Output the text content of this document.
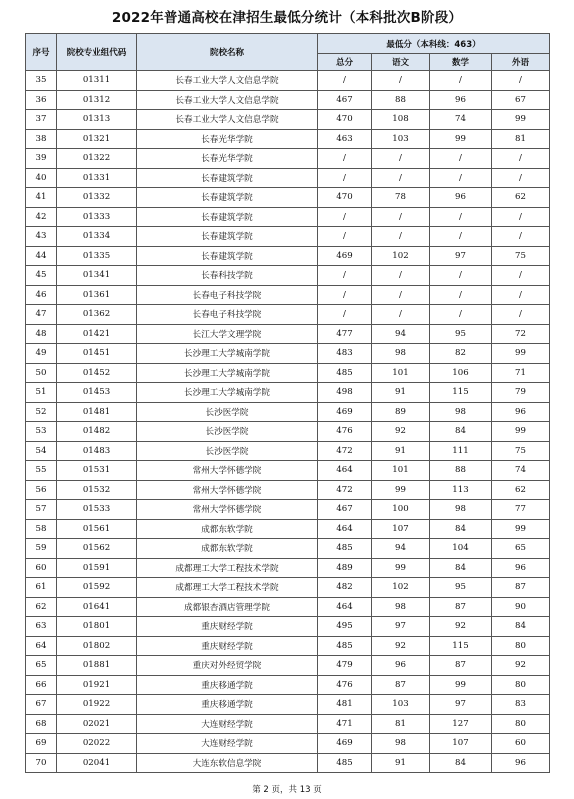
2022年普通高校在津招生最低分统计（本科批次B阶段）
序号	院校专业组代码	院校名称	最低分（本科线：463）			
			总分	语文	数学	外语
35	01311	长春工业大学人文信息学院	/	/	/	/
36	01312	长春工业大学人文信息学院	467	88	96	67
37	01313	长春工业大学人文信息学院	470	108	74	99
38	01321	长春光华学院	463	103	99	81
39	01322	长春光华学院	/	/	/	/
40	01331	长春建筑学院	/	/	/	/
41	01332	长春建筑学院	470	78	96	62
42	01333	长春建筑学院	/	/	/	/
43	01334	长春建筑学院	/	/	/	/
44	01335	长春建筑学院	469	102	97	75
45	01341	长春科技学院	/	/	/	/
46	01361	长春电子科技学院	/	/	/	/
47	01362	长春电子科技学院	/	/	/	/
48	01421	长江大学文理学院	477	94	95	72
49	01451	长沙理工大学城南学院	483	98	82	99
50	01452	长沙理工大学城南学院	485	101	106	71
51	01453	长沙理工大学城南学院	498	91	115	79
52	01481	长沙医学院	469	89	98	96
53	01482	长沙医学院	476	92	84	99
54	01483	长沙医学院	472	91	111	75
55	01531	常州大学怀德学院	464	101	88	74
56	01532	常州大学怀德学院	472	99	113	62
57	01533	常州大学怀德学院	467	100	98	77
58	01561	成都东软学院	464	107	84	99
59	01562	成都东软学院	485	94	104	65
60	01591	成都理工大学工程技术学院	489	99	84	96
61	01592	成都理工大学工程技术学院	482	102	95	87
62	01641	成都银杏酒店管理学院	464	98	87	90
63	01801	重庆财经学院	495	97	92	84
64	01802	重庆财经学院	485	92	115	80
65	01881	重庆对外经贸学院	479	96	87	92
66	01921	重庆移通学院	476	87	99	80
67	01922	重庆移通学院	481	103	97	83
68	02021	大连财经学院	471	81	127	80
69	02022	大连财经学院	469	98	107	60
70	02041	大连东软信息学院	485	91	84	96
第 2 页，共 13 页
